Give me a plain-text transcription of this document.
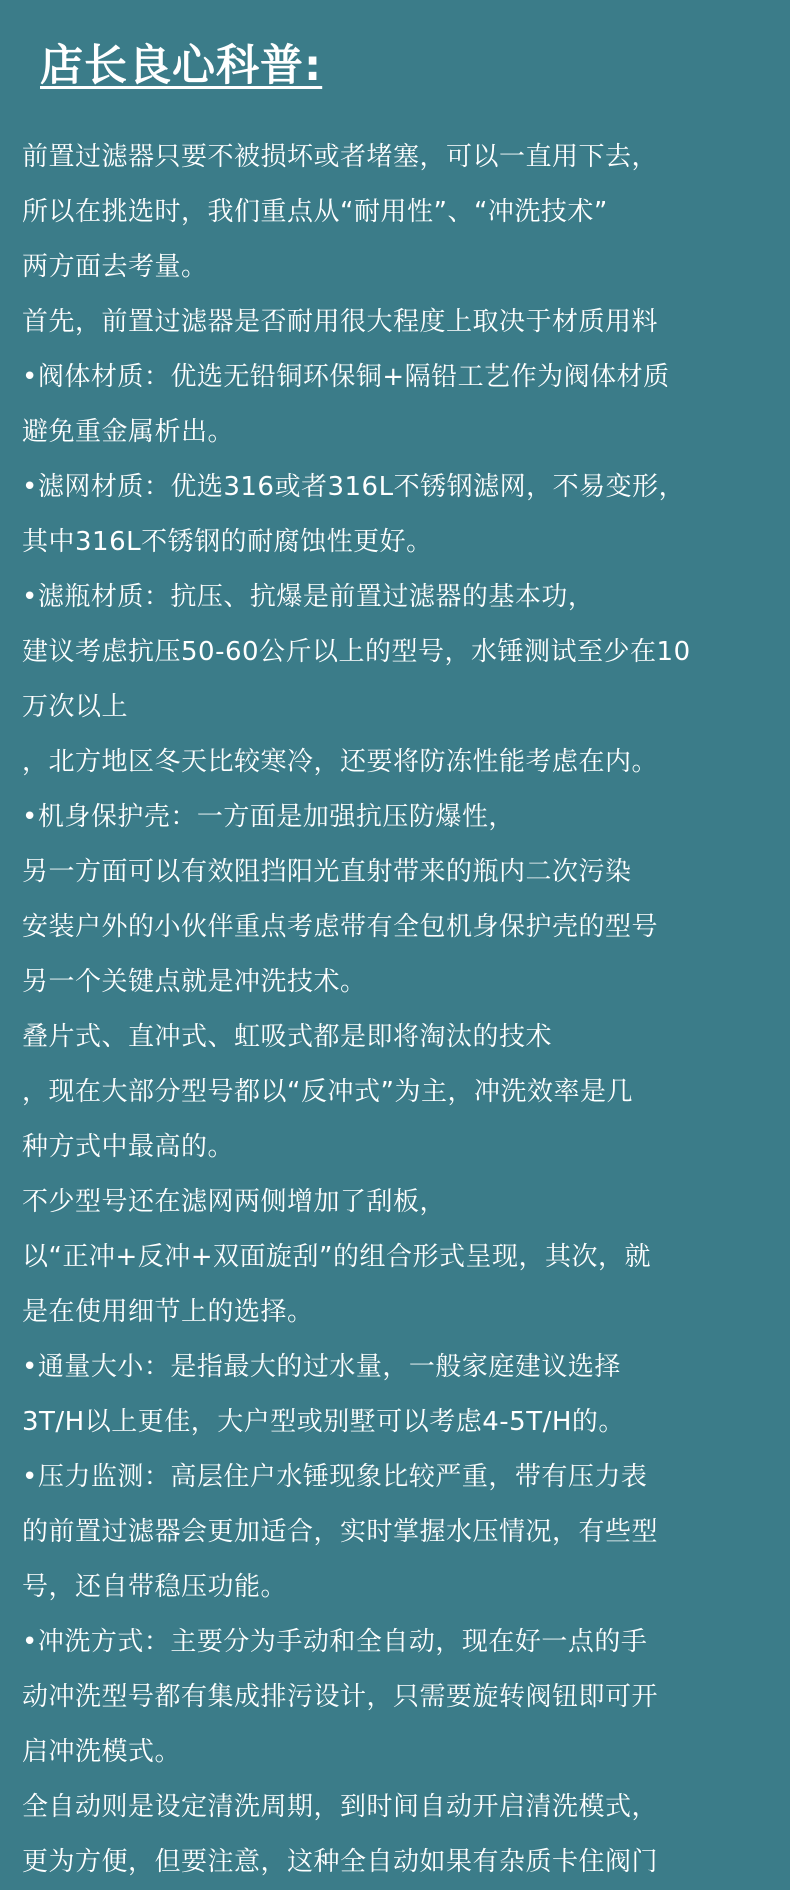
店长良心科普:
前置过滤器只要不被损坏或者堵塞，可以一直用下去，
所以在挑选时，我们重点从“耐用性”、“冲洗技术”
两方面去考量。
首先，前置过滤器是否耐用很大程度上取决于材质用料
•阀体材质：优选无铅铜环保铜+隔铅工艺作为阀体材质
避免重金属析出。
•滤网材质：优选316或者316L不锈钢滤网，不易变形，
其中316L不锈钢的耐腐蚀性更好。
•滤瓶材质：抗压、抗爆是前置过滤器的基本功，
建议考虑抗压50-60公斤以上的型号，水锤测试至少在10
万次以上
，北方地区冬天比较寒冷，还要将防冻性能考虑在内。
•机身保护壳：一方面是加强抗压防爆性，
另一方面可以有效阻挡阳光直射带来的瓶内二次污染
安装户外的小伙伴重点考虑带有全包机身保护壳的型号
另一个关键点就是冲洗技术。
叠片式、直冲式、虹吸式都是即将淘汰的技术
，现在大部分型号都以“反冲式”为主，冲洗效率是几
种方式中最高的。
不少型号还在滤网两侧增加了刮板，
以“正冲+反冲+双面旋刮”的组合形式呈现，其次，就
是在使用细节上的选择。
•通量大小：是指最大的过水量，一般家庭建议选择
3T/H以上更佳，大户型或别墅可以考虑4-5T/H的。
•压力监测：高层住户水锤现象比较严重，带有压力表
的前置过滤器会更加适合，实时掌握水压情况，有些型
号，还自带稳压功能。
•冲洗方式：主要分为手动和全自动，现在好一点的手
动冲洗型号都有集成排污设计，只需要旋转阀钮即可开
启冲洗模式。
全自动则是设定清洗周期，到时间自动开启清洗模式，
更为方便，但要注意，这种全自动如果有杂质卡住阀门
